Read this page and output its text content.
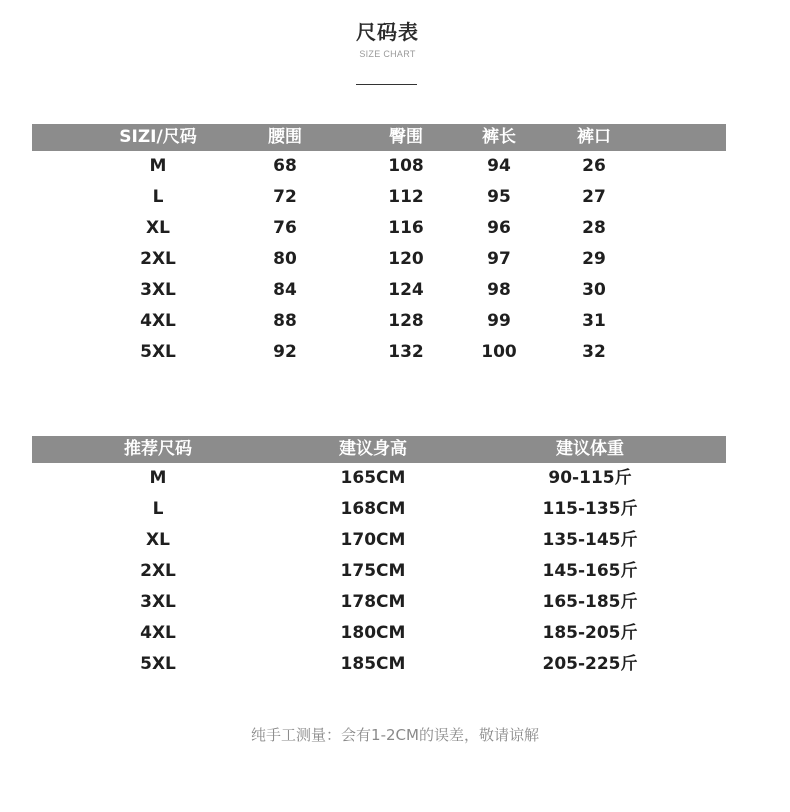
尺码表
SIZE CHART
SIZI/尺码	腰围	臀围	裤长	裤口
M	68	108	94	26
L	72	112	95	27
XL	76	116	96	28
2XL	80	120	97	29
3XL	84	124	98	30
4XL	88	128	99	31
5XL	92	132	100	32
推荐尺码	建议身高	建议体重
M	165CM	90-115斤
L	168CM	115-135斤
XL	170CM	135-145斤
2XL	175CM	145-165斤
3XL	178CM	165-185斤
4XL	180CM	185-205斤
5XL	185CM	205-225斤
纯手工测量：会有1-2CM的误差，敬请谅解
